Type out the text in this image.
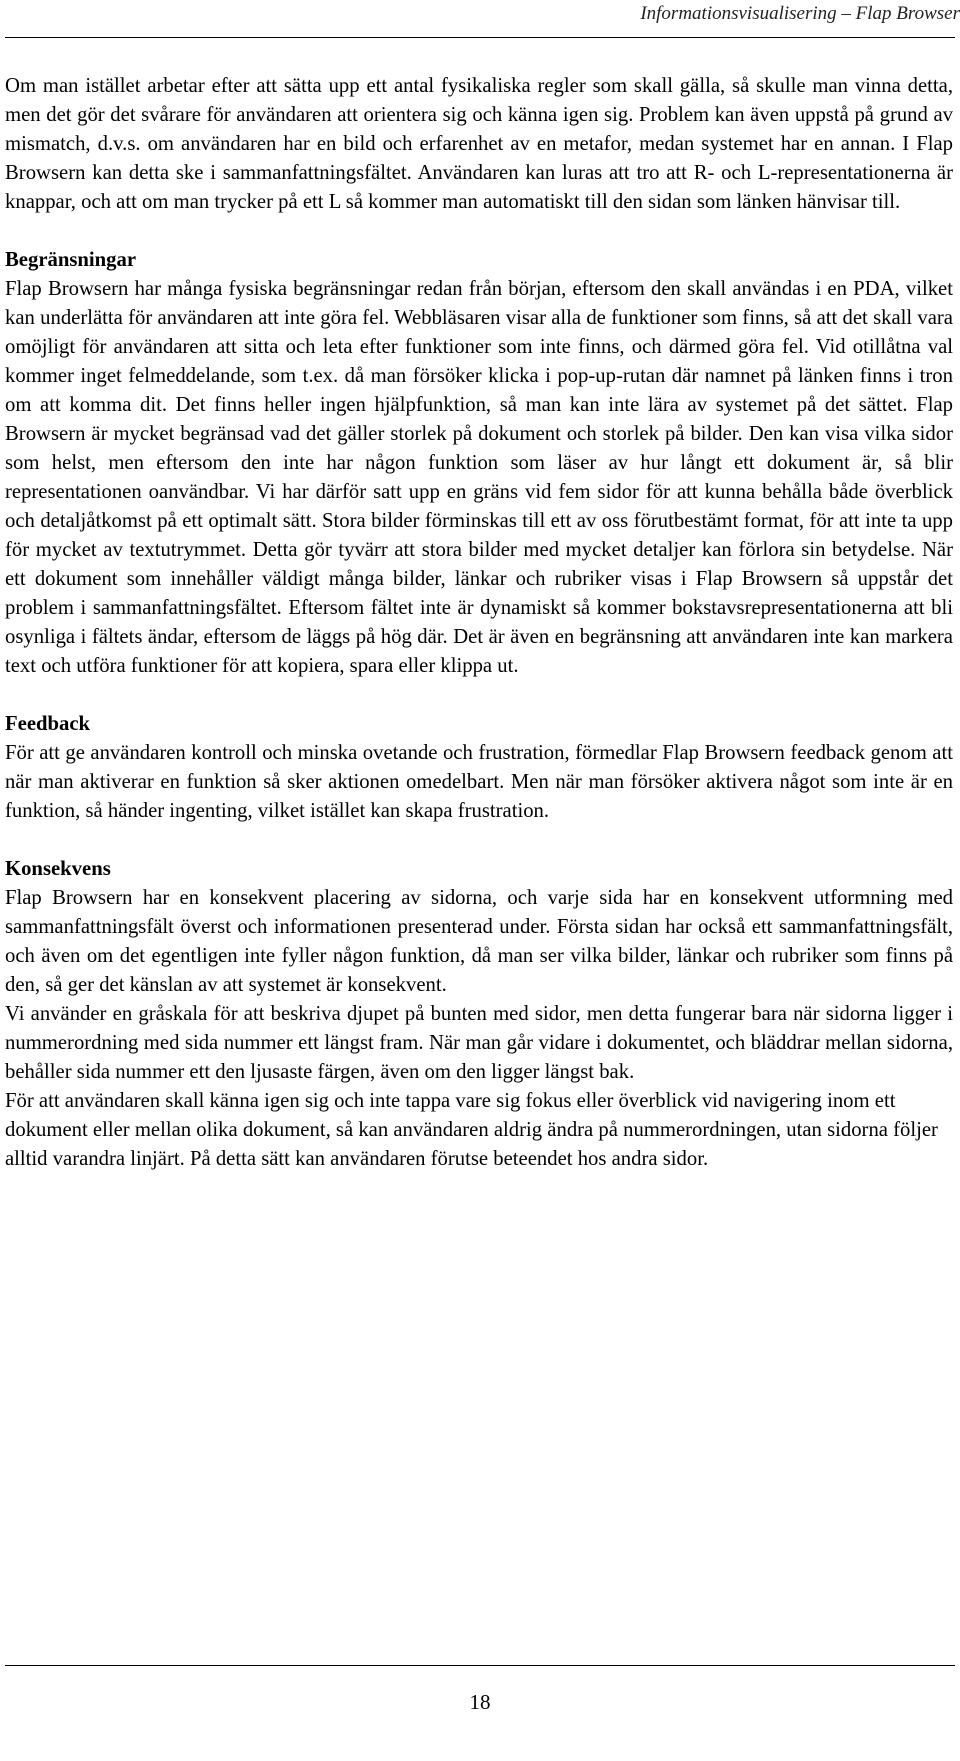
Informationsvisualisering – Flap Browser

Om man istället arbetar efter att sätta upp ett antal fysikaliska regler som skall gälla, så skulle man vinna detta, men det gör det svårare för användaren att orientera sig och känna igen sig. Problem kan även uppstå på grund av mismatch, d.v.s. om användaren har en bild och erfarenhet av en metafor, medan systemet har en annan. I Flap Browsern kan detta ske i sammanfattningsfältet. Användaren kan luras att tro att R- och L-representationerna är knappar, och att om man trycker på ett L så kommer man automatiskt till den sidan som länken hänvisar till.

Begränsningar

Flap Browsern har många fysiska begränsningar redan från början, eftersom den skall användas i en PDA, vilket kan underlätta för användaren att inte göra fel. Webbläsaren visar alla de funktioner som finns, så att det skall vara omöjligt för användaren att sitta och leta efter funktioner som inte finns, och därmed göra fel. Vid otillåtna val kommer inget felmeddelande, som t.ex. då man försöker klicka i pop-up-rutan där namnet på länken finns i tron om att komma dit. Det finns heller ingen hjälpfunktion, så man kan inte lära av systemet på det sättet. Flap Browsern är mycket begränsad vad det gäller storlek på dokument och storlek på bilder. Den kan visa vilka sidor som helst, men eftersom den inte har någon funktion som läser av hur långt ett dokument är, så blir representationen oanvändbar. Vi har därför satt upp en gräns vid fem sidor för att kunna behålla både överblick och detaljåtkomst på ett optimalt sätt. Stora bilder förminskas till ett av oss förutbestämt format, för att inte ta upp för mycket av textutrymmet. Detta gör tyvärr att stora bilder med mycket detaljer kan förlora sin betydelse. När ett dokument som innehåller väldigt många bilder, länkar och rubriker visas i Flap Browsern så uppstår det problem i sammanfattningsfältet. Eftersom fältet inte är dynamiskt så kommer bokstavsrepresentationerna att bli osynliga i fältets ändar, eftersom de läggs på hög där. Det är även en begränsning att användaren inte kan markera text och utföra funktioner för att kopiera, spara eller klippa ut.

Feedback

För att ge användaren kontroll och minska ovetande och frustration, förmedlar Flap Browsern feedback genom att när man aktiverar en funktion så sker aktionen omedelbart. Men när man försöker aktivera något som inte är en funktion, så händer ingenting, vilket istället kan skapa frustration.

Konsekvens

Flap Browsern har en konsekvent placering av sidorna, och varje sida har en konsekvent utformning med sammanfattningsfält överst och informationen presenterad under. Första sidan har också ett sammanfattningsfält, och även om det egentligen inte fyller någon funktion, då man ser vilka bilder, länkar och rubriker som finns på den, så ger det känslan av att systemet är konsekvent.

Vi använder en gråskala för att beskriva djupet på bunten med sidor, men detta fungerar bara när sidorna ligger i nummerordning med sida nummer ett längst fram. När man går vidare i dokumentet, och bläddrar mellan sidorna, behåller sida nummer ett den ljusaste färgen, även om den ligger längst bak.

För att användaren skall känna igen sig och inte tappa vare sig fokus eller överblick vid navigering inom ett dokument eller mellan olika dokument, så kan användaren aldrig ändra på nummerordningen, utan sidorna följer alltid varandra linjärt. På detta sätt kan användaren förutse beteendet hos andra sidor.

18
